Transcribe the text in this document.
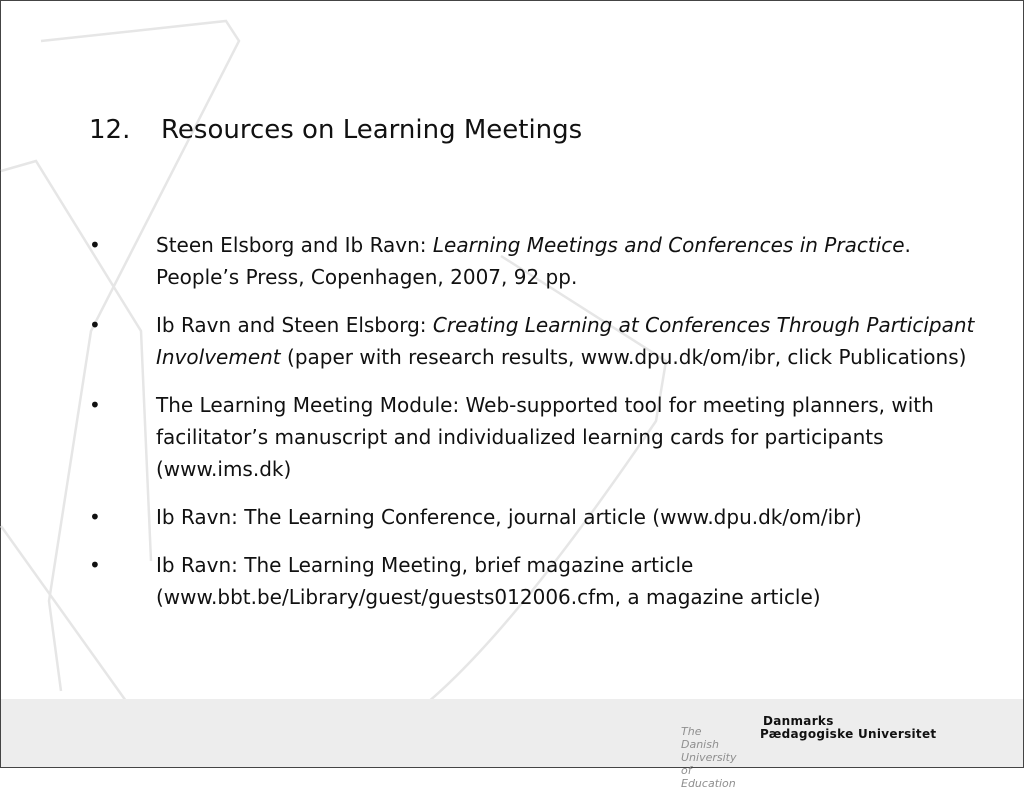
12.	Resources on Learning Meetings
•	Steen Elsborg and Ib Ravn: Learning Meetings and Conferences in Practice. People’s Press, Copenhagen, 2007, 92 pp.
•	Ib Ravn and Steen Elsborg: Creating Learning at Conferences Through Participant Involvement (paper with research results, www.dpu.dk/om/ibr, click Publications)
•	The Learning Meeting Module: Web-supported tool for meeting planners, with facilitator’s manuscript and individualized learning cards for participants (www.ims.dk)
•	Ib Ravn: The Learning Conference, journal article (www.dpu.dk/om/ibr)
•	Ib Ravn: The Learning Meeting, brief magazine article (www.bbt.be/Library/guest/guests012006.cfm, a magazine article)
The Danish
University of Education
Danmarks
Pædagogiske Universitet
